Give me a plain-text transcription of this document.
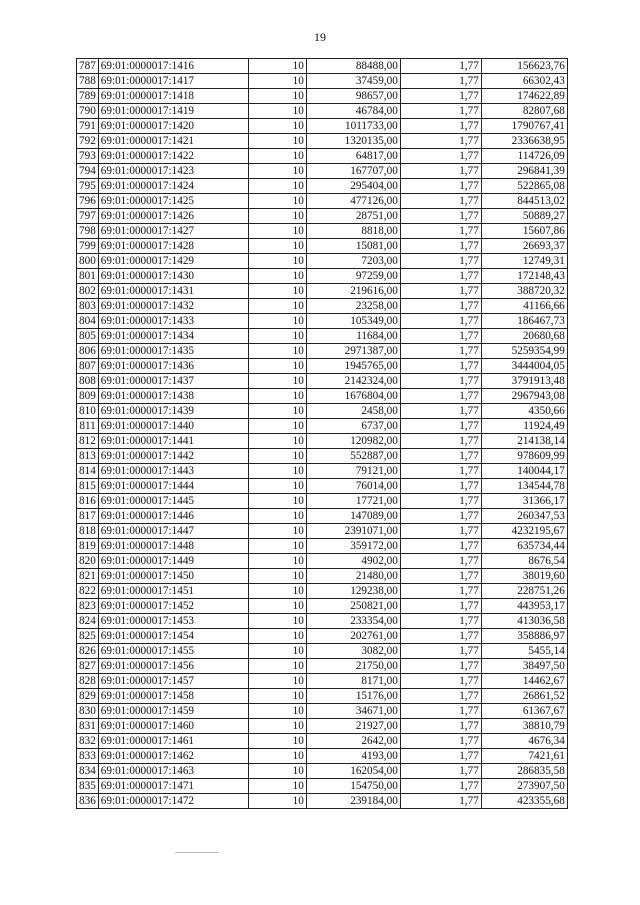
19
787	69:01:0000017:1416	10	88488,00	1,77	156623,76
788	69:01:0000017:1417	10	37459,00	1,77	66302,43
789	69:01:0000017:1418	10	98657,00	1,77	174622,89
790	69:01:0000017:1419	10	46784,00	1,77	82807,68
791	69:01:0000017:1420	10	1011733,00	1,77	1790767,41
792	69:01:0000017:1421	10	1320135,00	1,77	2336638,95
793	69:01:0000017:1422	10	64817,00	1,77	114726,09
794	69:01:0000017:1423	10	167707,00	1,77	296841,39
795	69:01:0000017:1424	10	295404,00	1,77	522865,08
796	69:01:0000017:1425	10	477126,00	1,77	844513,02
797	69:01:0000017:1426	10	28751,00	1,77	50889,27
798	69:01:0000017:1427	10	8818,00	1,77	15607,86
799	69:01:0000017:1428	10	15081,00	1,77	26693,37
800	69:01:0000017:1429	10	7203,00	1,77	12749,31
801	69:01:0000017:1430	10	97259,00	1,77	172148,43
802	69:01:0000017:1431	10	219616,00	1,77	388720,32
803	69:01:0000017:1432	10	23258,00	1,77	41166,66
804	69:01:0000017:1433	10	105349,00	1,77	186467,73
805	69:01:0000017:1434	10	11684,00	1,77	20680,68
806	69:01:0000017:1435	10	2971387,00	1,77	5259354,99
807	69:01:0000017:1436	10	1945765,00	1,77	3444004,05
808	69:01:0000017:1437	10	2142324,00	1,77	3791913,48
809	69:01:0000017:1438	10	1676804,00	1,77	2967943,08
810	69:01:0000017:1439	10	2458,00	1,77	4350,66
811	69:01:0000017:1440	10	6737,00	1,77	11924,49
812	69:01:0000017:1441	10	120982,00	1,77	214138,14
813	69:01:0000017:1442	10	552887,00	1,77	978609,99
814	69:01:0000017:1443	10	79121,00	1,77	140044,17
815	69:01:0000017:1444	10	76014,00	1,77	134544,78
816	69:01:0000017:1445	10	17721,00	1,77	31366,17
817	69:01:0000017:1446	10	147089,00	1,77	260347,53
818	69:01:0000017:1447	10	2391071,00	1,77	4232195,67
819	69:01:0000017:1448	10	359172,00	1,77	635734,44
820	69:01:0000017:1449	10	4902,00	1,77	8676,54
821	69:01:0000017:1450	10	21480,00	1,77	38019,60
822	69:01:0000017:1451	10	129238,00	1,77	228751,26
823	69:01:0000017:1452	10	250821,00	1,77	443953,17
824	69:01:0000017:1453	10	233354,00	1,77	413036,58
825	69:01:0000017:1454	10	202761,00	1,77	358886,97
826	69:01:0000017:1455	10	3082,00	1,77	5455,14
827	69:01:0000017:1456	10	21750,00	1,77	38497,50
828	69:01:0000017:1457	10	8171,00	1,77	14462,67
829	69:01:0000017:1458	10	15176,00	1,77	26861,52
830	69:01:0000017:1459	10	34671,00	1,77	61367,67
831	69:01:0000017:1460	10	21927,00	1,77	38810,79
832	69:01:0000017:1461	10	2642,00	1,77	4676,34
833	69:01:0000017:1462	10	4193,00	1,77	7421,61
834	69:01:0000017:1463	10	162054,00	1,77	286835,58
835	69:01:0000017:1471	10	154750,00	1,77	273907,50
836	69:01:0000017:1472	10	239184,00	1,77	423355,68
